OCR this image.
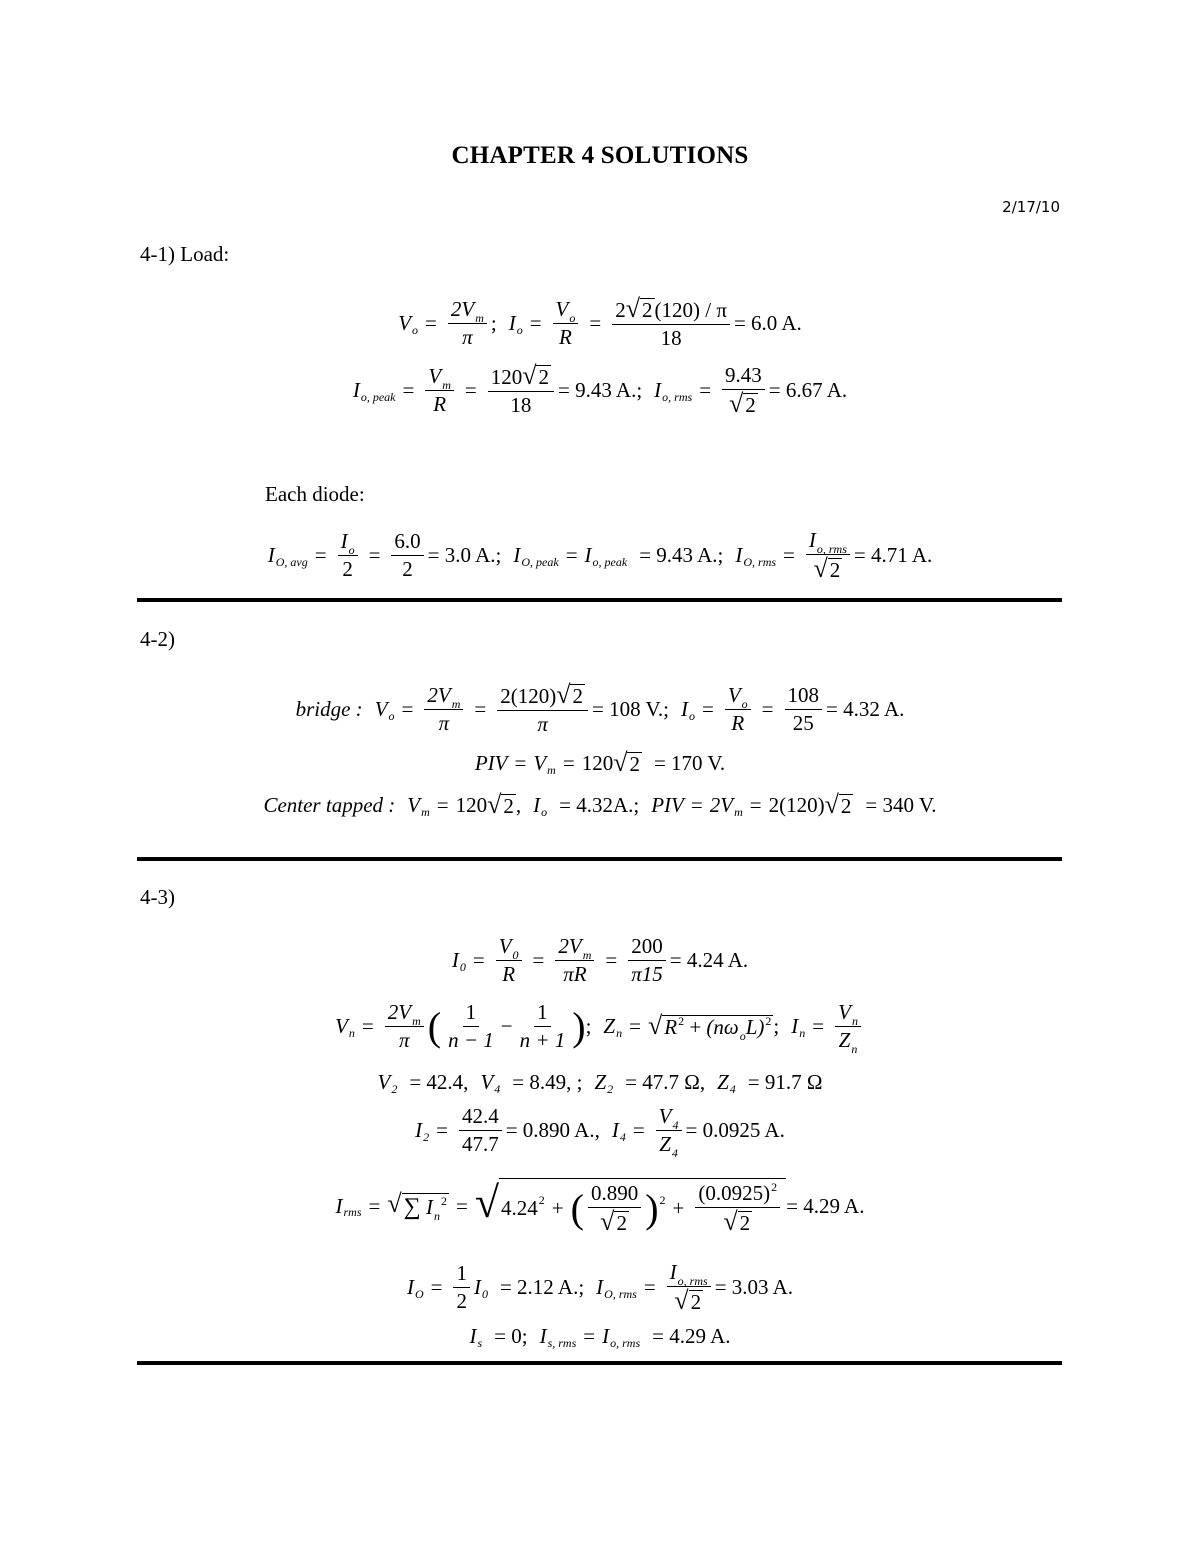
CHAPTER 4 SOLUTIONS
2/17/10
4-1) Load:
V $o = \frac{2V_m}{\pi}$ ; I $o = \frac{V_o}{R} = \frac{2 √ 2 (120) / \pi}{18} = 6.0$ A.
I o, peak = $\frac{V_m}{R} = \frac{120 √ 2}{18} = 9.43$ A.; I o, rms = $\frac{9.43}{√ 2} = 6.67$ A.
Each diode:
I O, avg = $\frac{I_o}{2} = \frac{6.0}{2} = 3.0$ A.; I O, peak = I o, peak = 9.43 A.; I O, rms = $\frac{I_{o, rms}}{√ 2} = 4.71$ A.
4-2)
bridge : V $o = \frac{2V_m}{\pi} = \frac{2(120) √ 2}{\pi} = 108$ V.; I $o = \frac{V_o}{R} = \frac{108}{25} = 4.32$ A.
PIV = V m = 120 √ 2 = 170 V.
Center tapped : V m = 120 √ 2 , I o = 4.32A.; PIV = 2V m = 2(120) √ 2 = 340 V.
4-3)
I $0 = \frac{V_0}{R} = \frac{2V_m}{\pi R} = \frac{200}{\pi 15} = 4.24$ A.
V $n = \frac{2V_m}{\pi}$ ( $\frac{1}{n - 1} - \frac{1}{n + 1}$ ) ; Z n = √ $R^2 + (n\omega_oL)^2$ ; I $n = \frac{V_n}{Z_n}$
V 2 = 42.4, V 4 = 8.49, ; Z 2 = 47.7 Ω, Z 4 = 91.7 Ω
I $2 = \frac{42.4}{47.7} = 0.890$ A., I $4 = \frac{V_4}{Z_4} = 0.0925$ A.
I rms = √ ∑ $I_n^2$ = √ 4.24 2 + ( $\frac{0.890}{√ 2}$ ) $2 + \frac{(0.0925)^2}{√ 2} = 4.29$ A.
I $O = \frac{1}{2}$ I 0 = 2.12 A.; I O, rms = $\frac{I_{o, rms}}{√ 2} = 3.03$ A.
I s = 0; I s, rms = I o, rms = 4.29 A.
